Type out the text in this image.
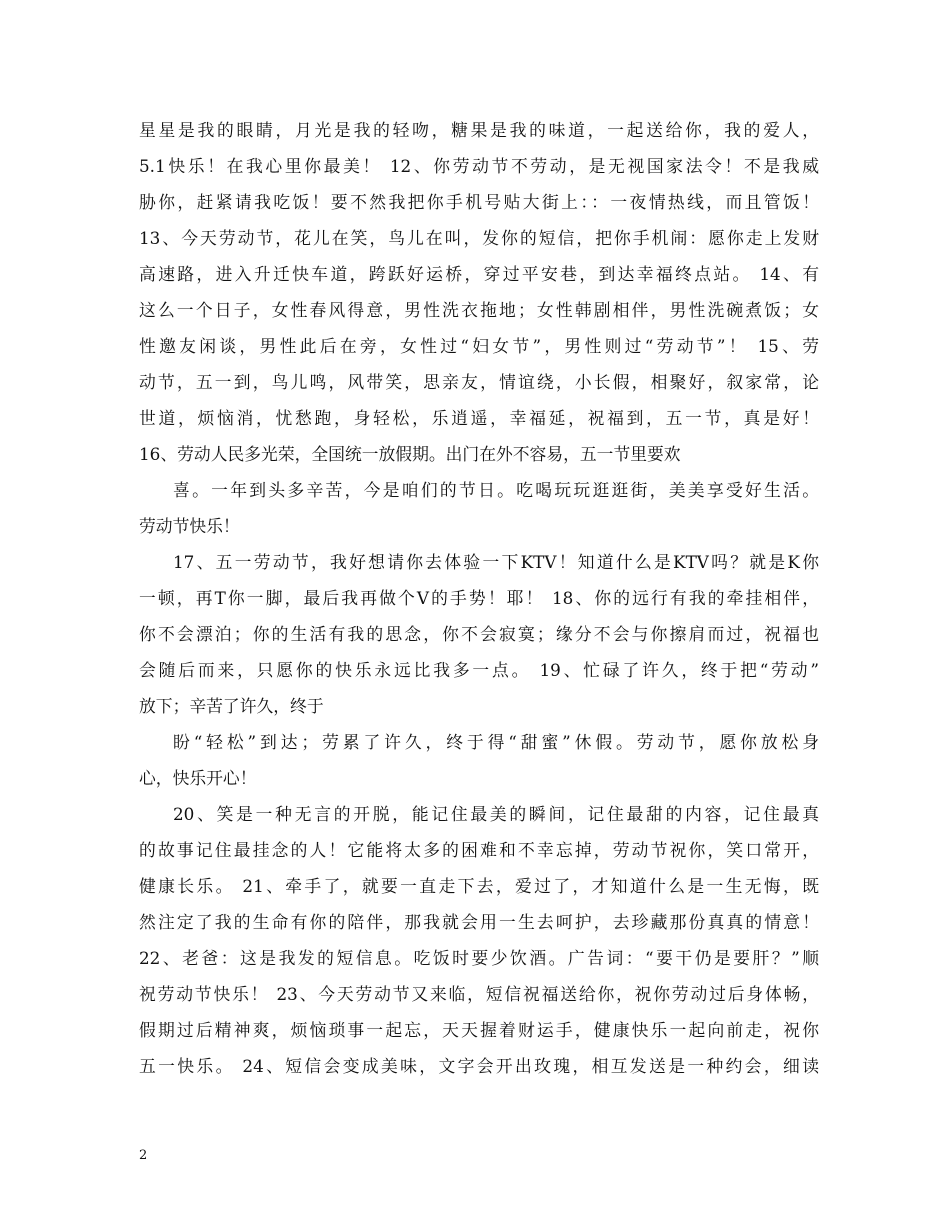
星星是我的眼睛，月光是我的轻吻，糖果是我的味道，一起送给你，我的爱人，
5.1快乐！在我心里你最美！ 12、你劳动节不劳动，是无视国家法令！不是我威
胁你，赶紧请我吃饭！要不然我把你手机号贴大街上：：一夜情热线，而且管饭！
13、今天劳动节，花儿在笑，鸟儿在叫，发你的短信，把你手机闹：愿你走上发财
高速路，进入升迁快车道，跨跃好运桥，穿过平安巷，到达幸福终点站。 14、有
这么一个日子，女性春风得意，男性洗衣拖地；女性韩剧相伴，男性洗碗煮饭；女
性邀友闲谈，男性此后在旁，女性过“妇女节”，男性则过“劳动节”！ 15、劳
动节，五一到，鸟儿鸣，风带笑，思亲友，情谊绕，小长假，相聚好，叙家常，论
世道，烦恼消，忧愁跑，身轻松，乐逍遥，幸福延，祝福到，五一节，真是好！
16、劳动人民多光荣，全国统一放假期。出门在外不容易，五一节里要欢
喜。一年到头多辛苦，今是咱们的节日。吃喝玩玩逛逛街，美美享受好生活。
劳动节快乐！
17、五一劳动节，我好想请你去体验一下KTV！知道什么是KTV吗？就是K你
一顿，再T你一脚，最后我再做个V的手势！耶！ 18、你的远行有我的牵挂相伴，
你不会漂泊；你的生活有我的思念，你不会寂寞；缘分不会与你擦肩而过，祝福也
会随后而来，只愿你的快乐永远比我多一点。 19、忙碌了许久，终于把“劳动”
放下；辛苦了许久，终于
盼“轻松”到达；劳累了许久，终于得“甜蜜”休假。劳动节，愿你放松身
心，快乐开心！
20、笑是一种无言的开脱，能记住最美的瞬间，记住最甜的内容，记住最真
的故事记住最挂念的人！它能将太多的困难和不幸忘掉，劳动节祝你，笑口常开，
健康长乐。 21、牵手了，就要一直走下去，爱过了，才知道什么是一生无悔，既
然注定了我的生命有你的陪伴，那我就会用一生去呵护，去珍藏那份真真的情意！
22、老爸：这是我发的短信息。吃饭时要少饮酒。广告词：“要干仍是要肝？”顺
祝劳动节快乐！ 23、今天劳动节又来临，短信祝福送给你，祝你劳动过后身体畅，
假期过后精神爽，烦恼琐事一起忘，天天握着财运手，健康快乐一起向前走，祝你
五一快乐。 24、短信会变成美味，文字会开出玫瑰，相互发送是一种约会，细读
2
